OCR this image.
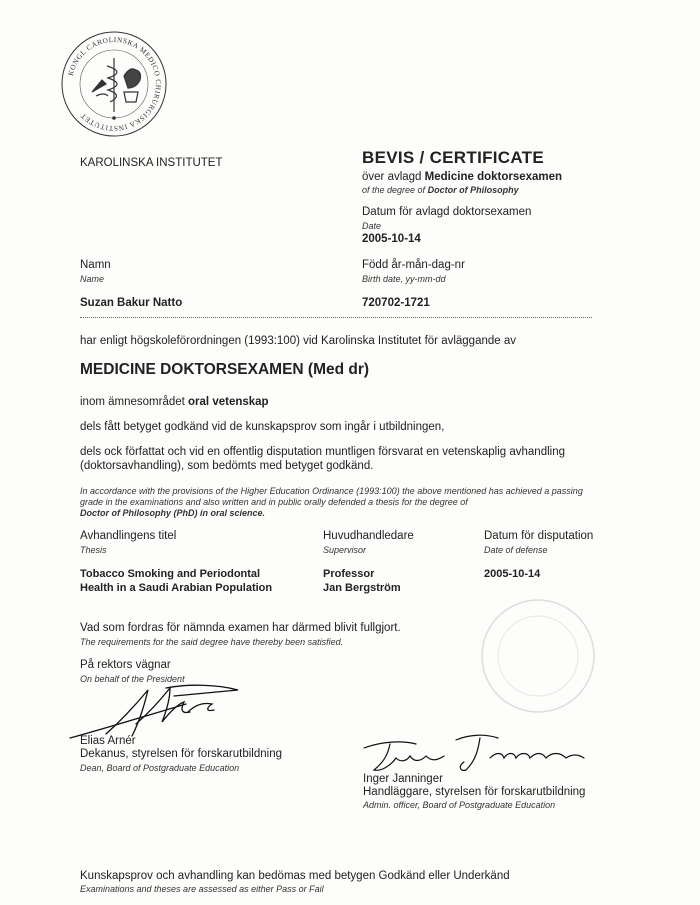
KONGL CAROLINSKA MEDICO CHIRURGISKA INSTITUTET
KAROLINSKA INSTITUTET	BEVIS / CERTIFICATE
över avlagd Medicine doktorsexamen
of the degree of Doctor of Philosophy
Datum för avlagd doktorsexamen
Date
2005-10-14
Namn
Name
Suzan Bakur Natto
Född år-mån-dag-nr
Birth date, yy-mm-dd
720702-1721
har enligt högskoleförordningen (1993:100) vid Karolinska Institutet för avläggande av
MEDICINE DOKTORSEXAMEN (Med dr)
inom ämnesområdet oral vetenskap
dels fått betyget godkänd vid de kunskapsprov som ingår i utbildningen,
dels ock författat och vid en offentlig disputation muntligen försvarat en vetenskaplig avhandling
(doktorsavhandling), som bedömts med betyget godkänd.
In accordance with the provisions of the Higher Education Ordinance (1993:100) the above mentioned has achieved a passing
grade in the examinations and also written and in public orally defended a thesis for the degree of
Doctor of Philosophy (PhD) in oral science.
Avhandlingens titel
Thesis
Tobacco Smoking and Periodontal
Health in a Saudi Arabian Population
Huvudhandledare
Supervisor
Professor
Jan Bergström
Datum för disputation
Date of defense
2005-10-14
Vad som fordras för nämnda examen har därmed blivit fullgjort.
The requirements for the said degree have thereby been satisfied.
På rektors vägnar
On behalf of the President
Elias Arnér
Dekanus, styrelsen för forskarutbildning
Dean, Board of Postgraduate Education
Inger Janninger
Handläggare, styrelsen för forskarutbildning
Admin. officer, Board of Postgraduate Education
Kunskapsprov och avhandling kan bedömas med betygen Godkänd eller Underkänd
Examinations and theses are assessed as either Pass or Fail
